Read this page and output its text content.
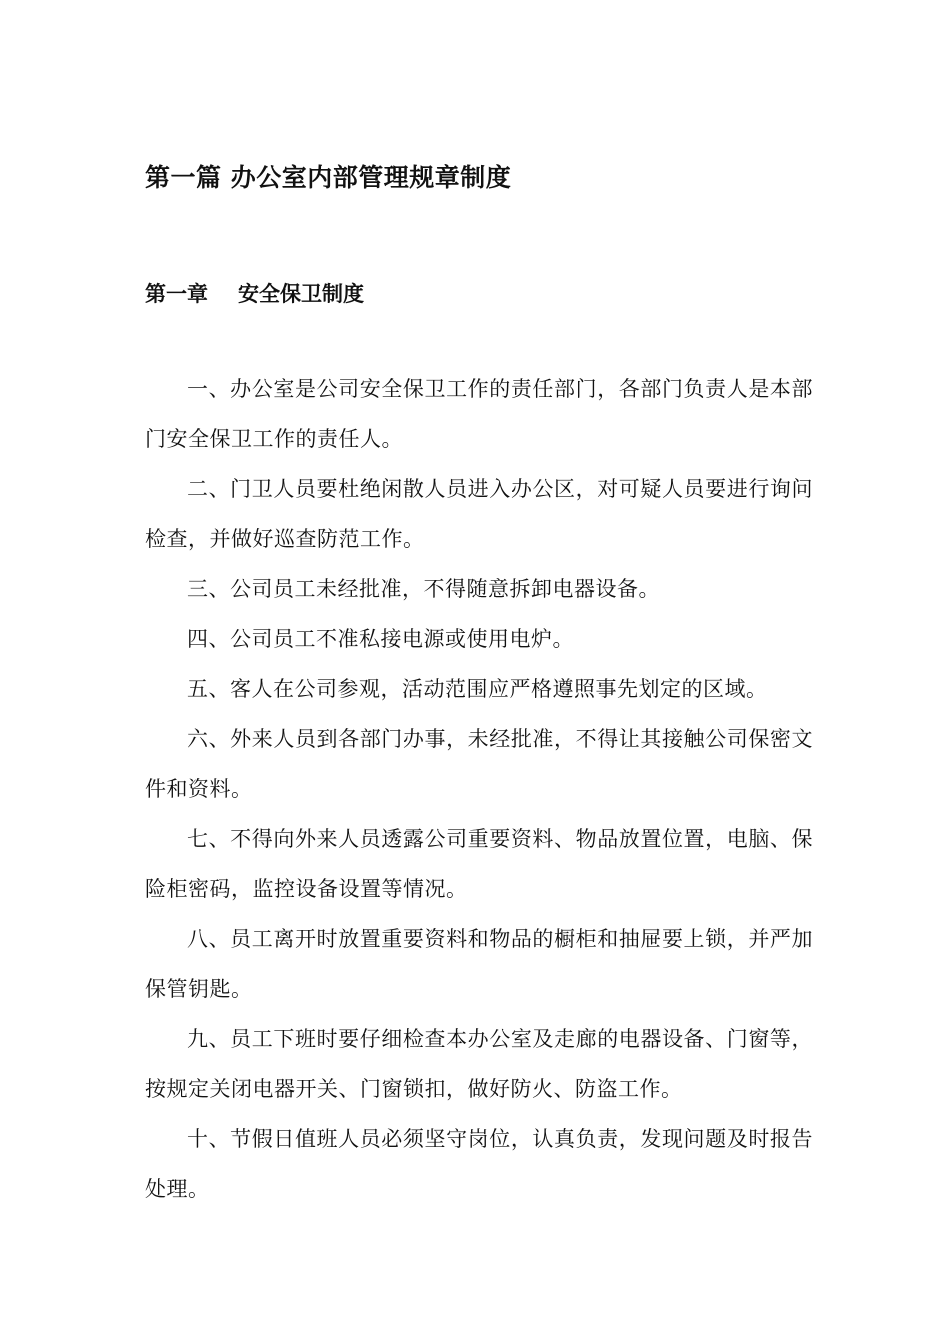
第一篇 办公室内部管理规章制度
第一章 安全保卫制度

一、办公室是公司安全保卫工作的责任部门，各部门负责人是本部门安全保卫工作的责任人。

二、门卫人员要杜绝闲散人员进入办公区，对可疑人员要进行询问检查，并做好巡查防范工作。

三、公司员工未经批准，不得随意拆卸电器设备。

四、公司员工不准私接电源或使用电炉。

五、客人在公司参观，活动范围应严格遵照事先划定的区域。

六、外来人员到各部门办事，未经批准，不得让其接触公司保密文件和资料。

七、不得向外来人员透露公司重要资料、物品放置位置，电脑、保险柜密码，监控设备设置等情况。

八、员工离开时放置重要资料和物品的橱柜和抽屉要上锁，并严加保管钥匙。

九、员工下班时要仔细检查本办公室及走廊的电器设备、门窗等，按规定关闭电器开关、门窗锁扣，做好防火、防盗工作。

十、节假日值班人员必须坚守岗位，认真负责，发现问题及时报告处理。
